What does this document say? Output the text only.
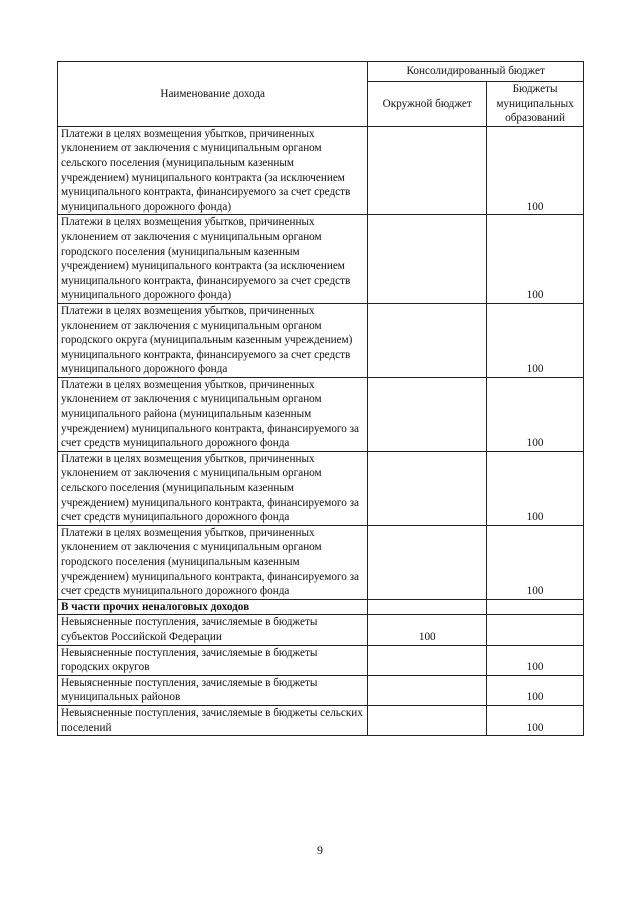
Наименование дохода	Консолидированный бюджет	
	Окружной бюджет	Бюджеты муниципальных образований
Платежи в целях возмещения убытков, причиненных уклонением от заключения с муниципальным органом сельского поселения (муниципальным казенным учреждением) муниципального контракта (за исключением муниципального контракта, финансируемого за счет средств муниципального дорожного фонда)		100
Платежи в целях возмещения убытков, причиненных уклонением от заключения с муниципальным органом городского поселения (муниципальным казенным учреждением) муниципального контракта (за исключением муниципального контракта, финансируемого за счет средств муниципального дорожного фонда)		100
Платежи в целях возмещения убытков, причиненных уклонением от заключения с муниципальным органом городского округа (муниципальным казенным учреждением) муниципального контракта, финансируемого за счет средств муниципального дорожного фонда		100
Платежи в целях возмещения убытков, причиненных уклонением от заключения с муниципальным органом муниципального района (муниципальным казенным учреждением) муниципального контракта, финансируемого за счет средств муниципального дорожного фонда		100
Платежи в целях возмещения убытков, причиненных уклонением от заключения с муниципальным органом сельского поселения (муниципальным казенным учреждением) муниципального контракта, финансируемого за счет средств муниципального дорожного фонда		100
Платежи в целях возмещения убытков, причиненных уклонением от заключения с муниципальным органом городского поселения (муниципальным казенным учреждением) муниципального контракта, финансируемого за счет средств муниципального дорожного фонда		100
В части прочих неналоговых доходов		
Невыясненные поступления, зачисляемые в бюджеты субъектов Российской Федерации	100	
Невыясненные поступления, зачисляемые в бюджеты городских округов		100
Невыясненные поступления, зачисляемые в бюджеты муниципальных районов		100
Невыясненные поступления, зачисляемые в бюджеты сельских поселений		100
9
